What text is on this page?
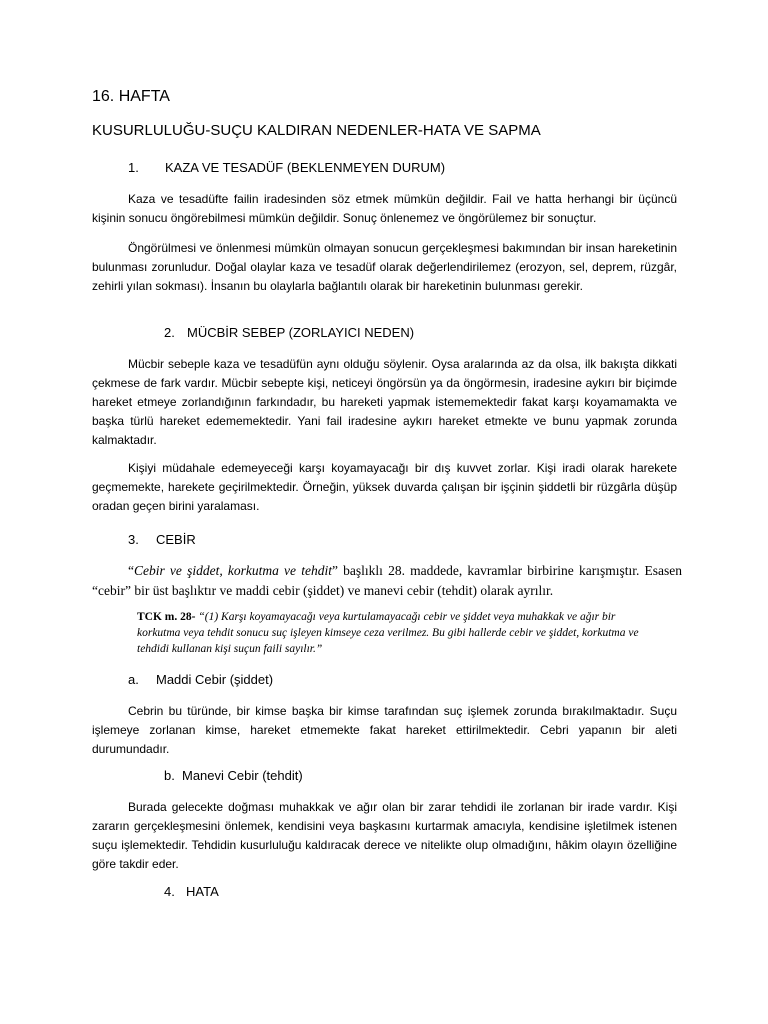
16. HAFTA
KUSURLULUĞU-SUÇU KALDIRAN NEDENLER-HATA VE SAPMA
1. KAZA VE TESADÜF (BEKLENMEYEN DURUM)

Kaza ve tesadüfte failin iradesinden söz etmek mümkün değildir. Fail ve hatta herhangi bir üçüncü kişinin sonucu öngörebilmesi mümkün değildir. Sonuç önlenemez ve öngörülemez bir sonuçtur.

Öngörülmesi ve önlenmesi mümkün olmayan sonucun gerçekleşmesi bakımından bir insan hareketinin bulunması zorunludur. Doğal olaylar kaza ve tesadüf olarak değerlendirilemez (erozyon, sel, deprem, rüzgâr, zehirli yılan sokması). İnsanın bu olaylarla bağlantılı olarak bir hareketinin bulunması gerekir.

2. MÜCBİR SEBEP (ZORLAYICI NEDEN)

Mücbir sebeple kaza ve tesadüfün aynı olduğu söylenir. Oysa aralarında az da olsa, ilk bakışta dikkati çekmese de fark vardır. Mücbir sebepte kişi, neticeyi öngörsün ya da öngörmesin, iradesine aykırı bir biçimde hareket etmeye zorlandığının farkındadır, bu hareketi yapmak istememektedir fakat karşı koyamamakta ve başka türlü hareket edememektedir. Yani fail iradesine aykırı hareket etmekte ve bunu yapmak zorunda kalmaktadır.

Kişiyi müdahale edemeyeceği karşı koyamayacağı bir dış kuvvet zorlar. Kişi iradi olarak harekete geçmemekte, harekete geçirilmektedir. Örneğin, yüksek duvarda çalışan bir işçinin şiddetli bir rüzgârla düşüp oradan geçen birini yaralaması.

3. CEBİR

“Cebir ve şiddet, korkutma ve tehdit” başlıklı 28. maddede, kavramlar birbirine karışmıştır. Esasen “cebir” bir üst başlıktır ve maddi cebir (şiddet) ve manevi cebir (tehdit) olarak ayrılır.

TCK m. 28- “(1) Karşı koyamayacağı veya kurtulamayacağı cebir ve şiddet veya muhakkak ve ağır bir korkutma veya tehdit sonucu suç işleyen kimseye ceza verilmez. Bu gibi hallerde cebir ve şiddet, korkutma ve tehdidi kullanan kişi suçun faili sayılır.”

a. Maddi Cebir (şiddet)

Cebrin bu türünde, bir kimse başka bir kimse tarafından suç işlemek zorunda bırakılmaktadır. Suçu işlemeye zorlanan kimse, hareket etmemekte fakat hareket ettirilmektedir. Cebri yapanın bir aleti durumundadır.

b. Manevi Cebir (tehdit)

Burada gelecekte doğması muhakkak ve ağır olan bir zarar tehdidi ile zorlanan bir irade vardır. Kişi zararın gerçekleşmesini önlemek, kendisini veya başkasını kurtarmak amacıyla, kendisine işletilmek istenen suçu işlemektedir. Tehdidin kusurluluğu kaldıracak derece ve nitelikte olup olmadığını, hâkim olayın özelliğine göre takdir eder.

4. HATA
